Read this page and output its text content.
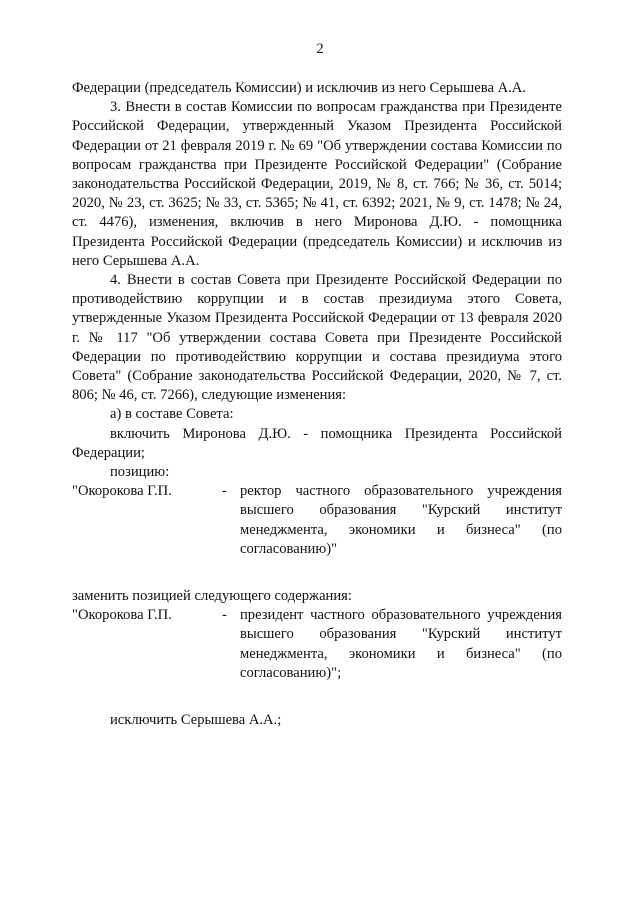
2

Федерации (председатель Комиссии) и исключив из него Серышева А.А.

3. Внести в состав Комиссии по вопросам гражданства при Президенте Российской Федерации, утвержденный Указом Президента Российской Федерации от 21 февраля 2019 г. № 69 "Об утверждении состава Комиссии по вопросам гражданства при Президенте Российской Федерации" (Собрание законодательства Российской Федерации, 2019, № 8, ст. 766; № 36, ст. 5014; 2020, № 23, ст. 3625; № 33, ст. 5365; № 41, ст. 6392; 2021, № 9, ст. 1478; № 24, ст. 4476), изменения, включив в него Миронова Д.Ю. - помощника Президента Российской Федерации (председатель Комиссии) и исключив из него Серышева А.А.

4. Внести в состав Совета при Президенте Российской Федерации по противодействию коррупции и в состав президиума этого Совета, утвержденные Указом Президента Российской Федерации от 13 февраля 2020 г. № 117 "Об утверждении состава Совета при Президенте Российской Федерации по противодействию коррупции и состава президиума этого Совета" (Собрание законодательства Российской Федерации, 2020, № 7, ст. 806; № 46, ст. 7266), следующие изменения:

а) в составе Совета:

включить Миронова Д.Ю. - помощника Президента Российской Федерации;

позицию:

"Окорокова Г.П.	- ректор частного образовательного учреждения высшего образования "Курский институт менеджмента, экономики и бизнеса" (по согласованию)"

заменить позицией следующего содержания:

"Окорокова Г.П.	- президент частного образовательного учреждения высшего образования "Курский институт менеджмента, экономики и бизнеса" (по согласованию)";

исключить Серышева А.А.;
